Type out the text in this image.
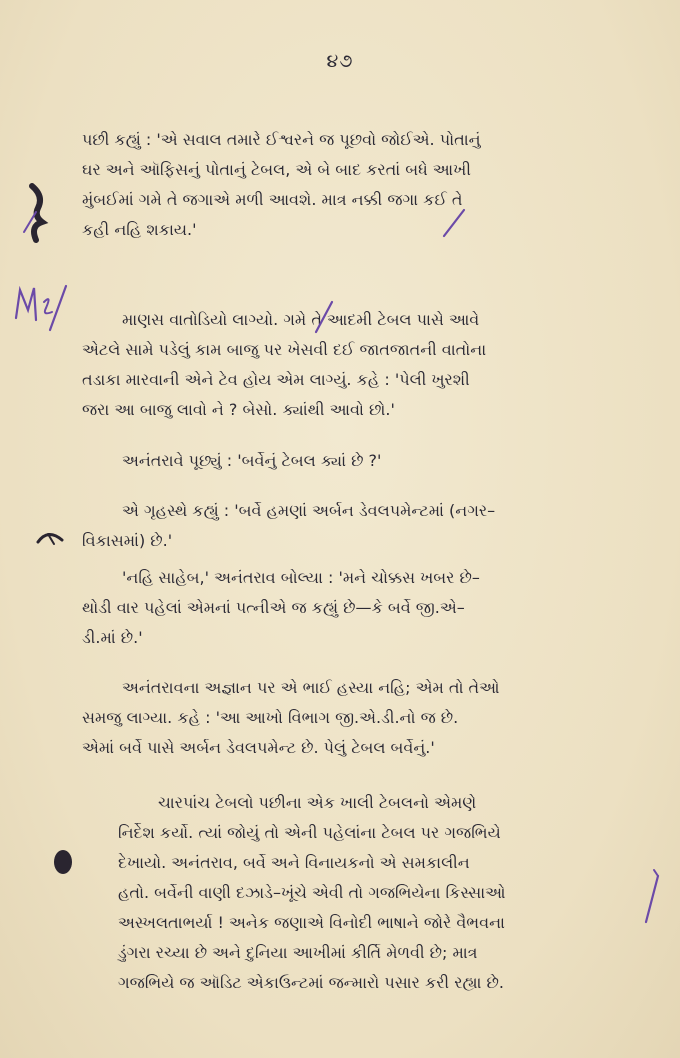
૪૭
પછી કહ્યું : 'એ સવાલ તમારે ઈશ્વરને જ પૂછવો જોઈએ. પોતાનું
ઘર અને ઑફિસનું પોતાનું ટેબલ, એ બે બાદ કરતાં બધે આખી
મુંબઈમાં ગમે તે જગાએ મળી આવશે. માત્ર નક્કી જગા કઈ તે
કહી નહિ શકાય.'
માણસ વાતોડિયો લાગ્યો. ગમે તે આદમી ટેબલ પાસે આવે
એટલે સામે પડેલું કામ બાજુ પર ખેસવી દઈ જાતજાતની વાતોના
તડાકા મારવાની એને ટેવ હોય એમ લાગ્યું. કહે : 'પેલી ખુરશી
જરા આ બાજુ લાવો ને ? બેસો. ક્યાંથી આવો છો.'
અનંતરાવે પૂછ્યું : 'બર્વેનું ટેબલ ક્યાં છે ?'
એ ગૃહસ્થે કહ્યું : 'બર્વે હમણાં અર્બન ડેવલપમેન્ટમાં (નગર–
વિકાસમાં) છે.'
'નહિ સાહેબ,' અનંતરાવ બોલ્યા : 'મને ચોક્કસ ખબર છે–
થોડી વાર પહેલાં એમનાં પત્નીએ જ કહ્યું છે—કે બર્વે જી.એ–
ડી.માં છે.'
અનંતરાવના અજ્ઞાન પર એ ભાઈ હસ્યા નહિ; એમ તો તેઓ
સમજુ લાગ્યા. કહે : 'આ આખો વિભાગ જી.એ.ડી.નો જ છે.
એમાં બર્વે પાસે અર્બન ડેવલપમેન્ટ છે. પેલું ટેબલ બર્વેનું.'
ચારપાંચ ટેબલો પછીના એક ખાલી ટેબલનો એમણે
નિર્દેશ કર્યો. ત્યાં જોયું તો એની પહેલાંના ટેબલ પર ગજભિયે
દેખાયો. અનંતરાવ, બર્વે અને વિનાયકનો એ સમકાલીન
હતો. બર્વેની વાણી દઝાડે–ખૂંચે એવી તો ગજભિયેના કિસ્સાઓ
અસ્ખલતાભર્યા ! અનેક જણાએ વિનોદી ભાષાને જોરે વૈભવના
ડુંગરા રચ્યા છે અને દુનિયા આખીમાં કીર્તિ મેળવી છે; માત્ર
ગજભિયે જ ઑડિટ એકાઉન્ટમાં જન્મારો પસાર કરી રહ્યા છે.
